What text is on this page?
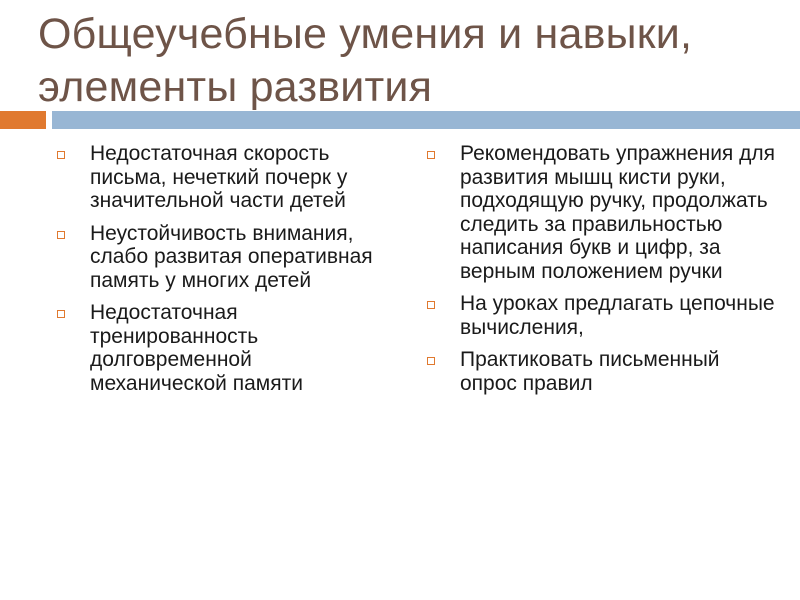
Общеучебные умения и навыки,
элементы развития
Недостаточная скорость письма, нечеткий почерк у значительной части детей
Неустойчивость внимания, слабо развитая оперативная память у многих детей
Недостаточная тренированность долговременной механической памяти
Рекомендовать упражнения для развития мышц кисти руки, подходящую ручку, продолжать следить за правильностью написания букв и цифр, за верным положением ручки
На уроках предлагать цепочные вычисления,
Практиковать письменный опрос правил
